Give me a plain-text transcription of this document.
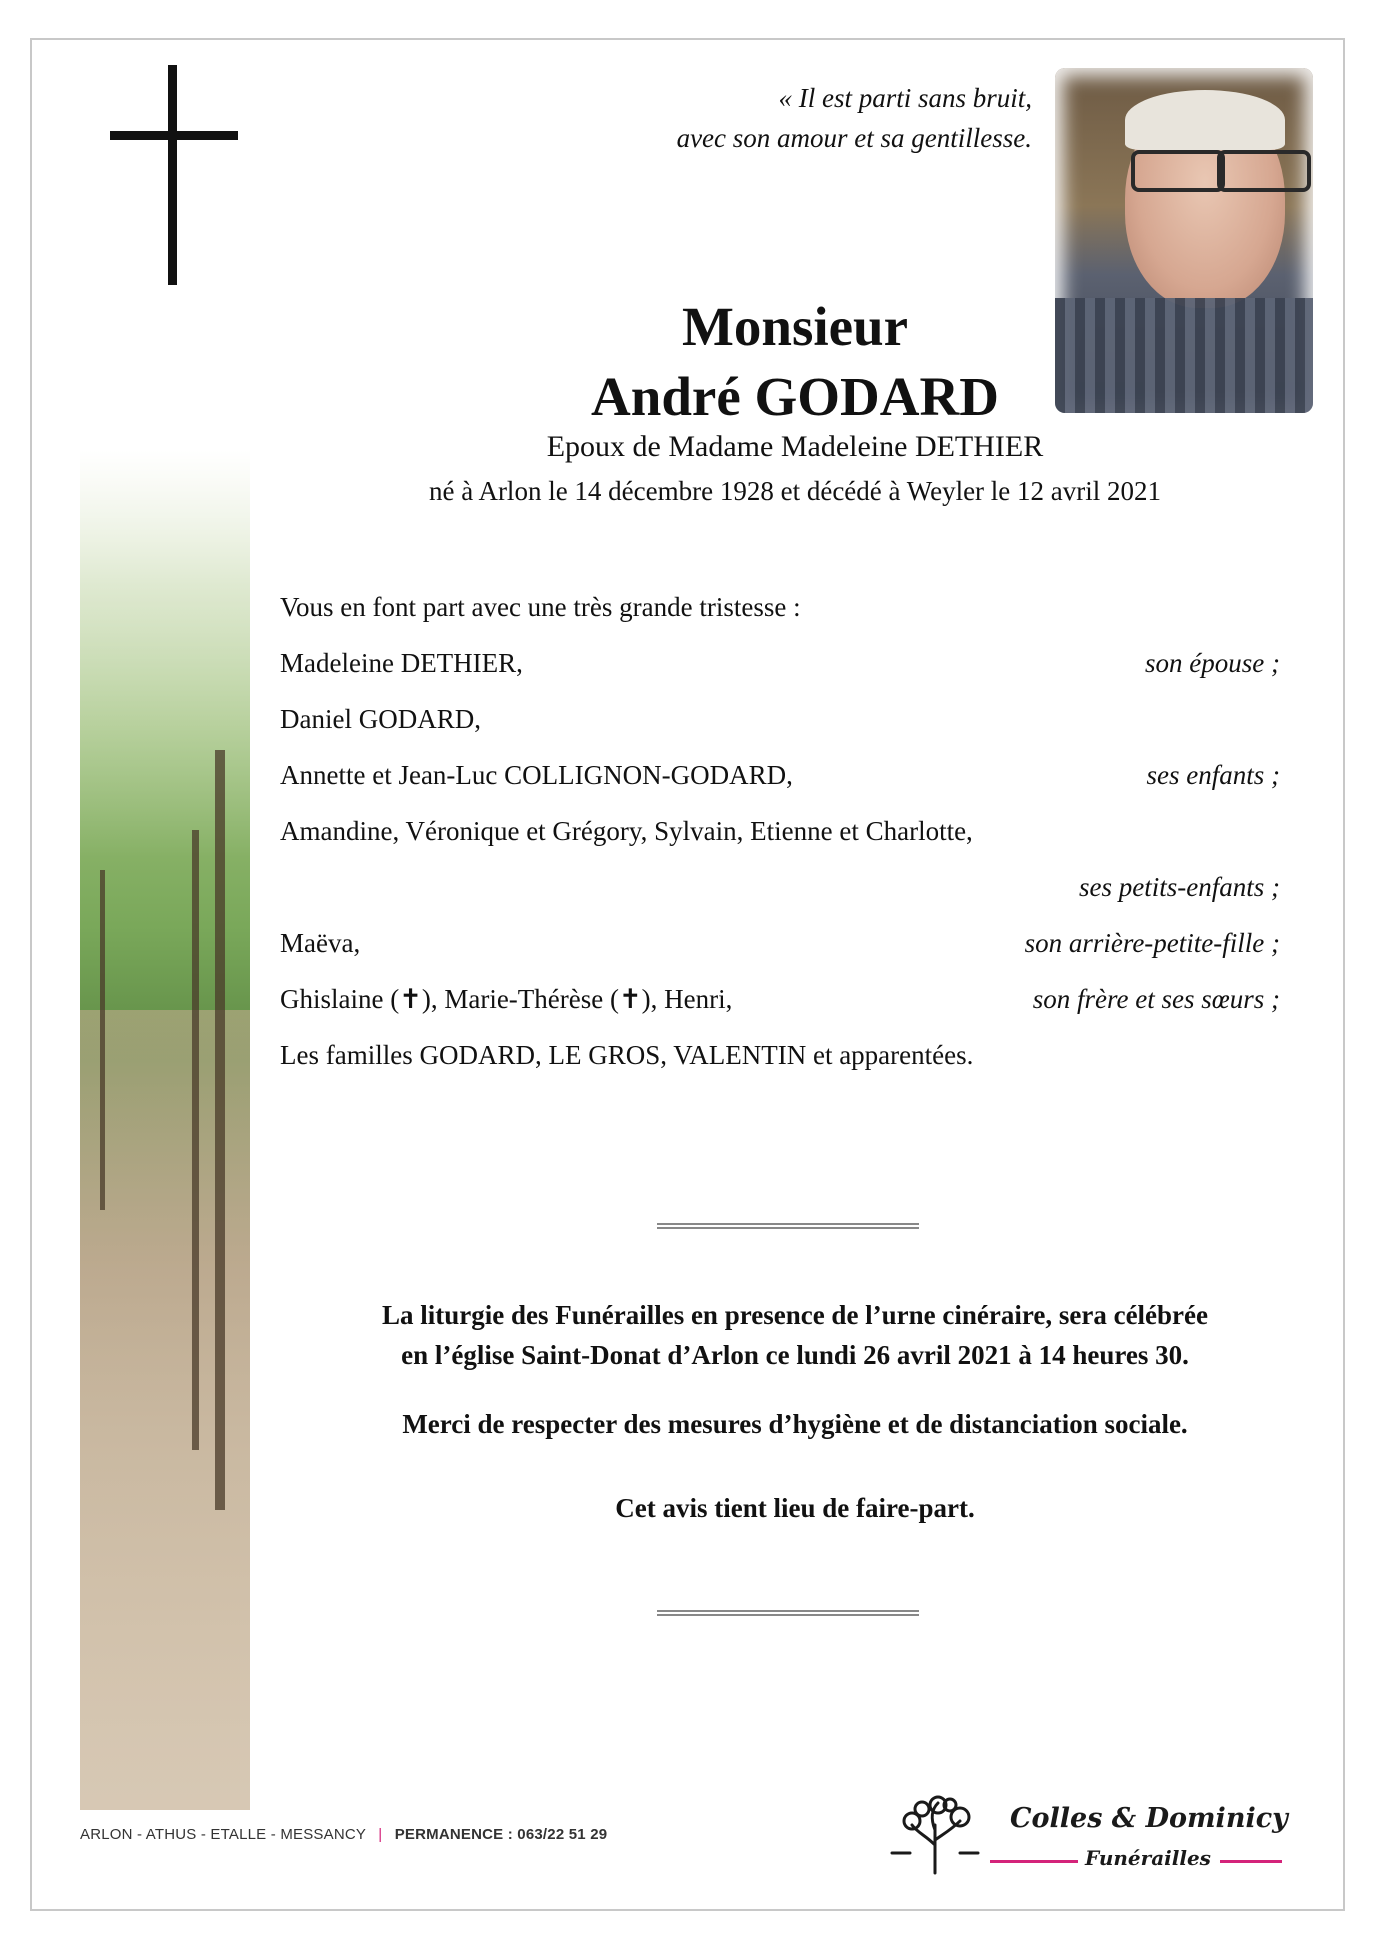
« Il est parti sans bruit,
avec son amour et sa gentillesse.
Monsieur
André GODARD
Epoux de Madame Madeleine DETHIER
né à Arlon le 14 décembre 1928 et décédé à Weyler le 12 avril 2021
Vous en font part avec une très grande tristesse :
Madeleine DETHIER,	son épouse ;
Daniel GODARD,
Annette et Jean-Luc COLLIGNON-GODARD,	ses enfants ;
Amandine, Véronique et Grégory, Sylvain, Etienne et Charlotte,
ses petits-enfants ;
Maëva,	son arrière-petite-fille ;
Ghislaine (✝), Marie-Thérèse (✝), Henri,	son frère et ses sœurs ;
Les familles GODARD, LE GROS, VALENTIN et apparentées.
La liturgie des Funérailles en presence de l’urne cinéraire, sera célébrée
en l’église Saint-Donat d’Arlon ce lundi 26 avril 2021 à 14 heures 30.
Merci de respecter des mesures d’hygiène et de distanciation sociale.
Cet avis tient lieu de faire-part.
ARLON - ATHUS - ETALLE - MESSANCY | PERMANENCE : 063/22 51 29
Colles & Dominicy
Funérailles
